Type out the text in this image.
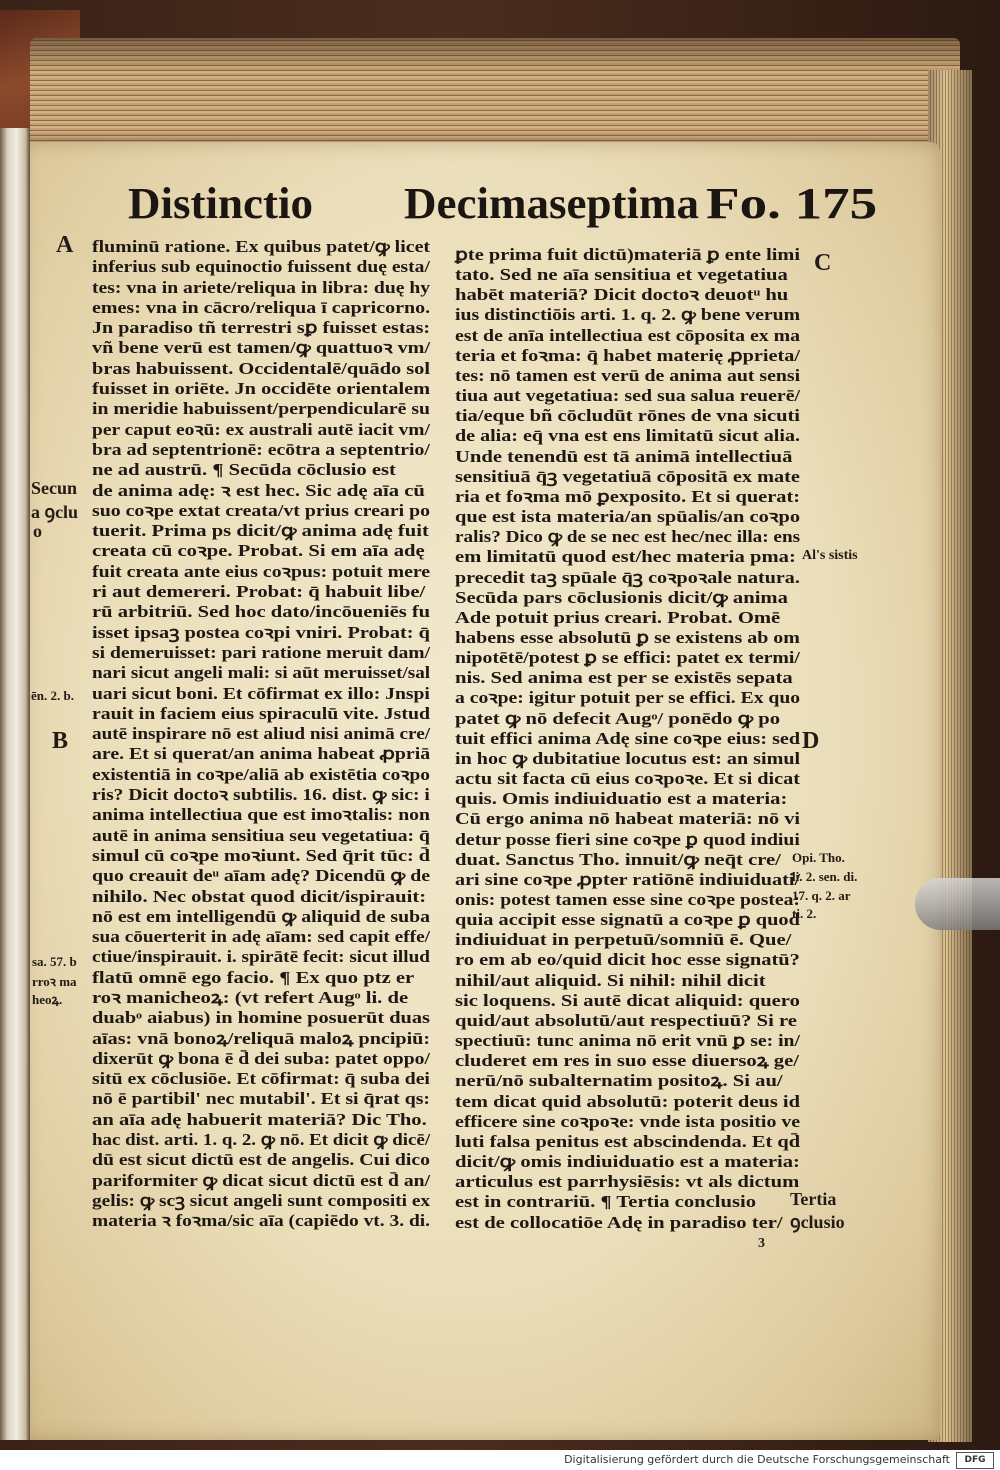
Distinctio Decimaseptima Fo. 175
fluminū ratione. Ex quibus patet/ꝙ licet
inferius sub equinoctio fuissent duę esta/
tes: vna in ariete/reliqua in libra: duę hy
emes: vna in cācro/reliqua ī capricorno.
Jn paradiso tñ terrestri sꝑ fuisset estas:
vñ bene verū est tamen/ꝙ quattuoꝛ vm/
bras habuissent. Occidentalē/quādo sol
fuisset in oriēte. Jn occidēte orientalem
in meridie habuissent/perpendicularē su
per caput eoꝛū: ex australi autē iacit vm/
bra ad septentrionē: ecōtra a septentrio/
ne ad austrū. ¶ Secūda cōclusio est
de anima adę: ꝛ est hec. Sic adę aīa cū
suo coꝛpe extat creata/vt prius creari po
tuerit. Prima ps dicit/ꝙ anima adę fuit
creata cū coꝛpe. Probat. Si em aīa adę
fuit creata ante eius coꝛpus: potuit mere
ri aut demereri. Probat: q̄ habuit libe/
rū arbitriū. Sed hoc dato/incōueniēs fu
isset ipsaꝫ postea coꝛpi vniri. Probat: q̄
si demeruisset: pari ratione meruit dam/
nari sicut angeli mali: si aūt meruisset/sal
uari sicut boni. Et cōfirmat ex illo: Jnspi
rauit in faciem eius spiraculū vite. Jstud
autē inspirare nō est aliud nisi animā cre/
are. Et si querat/an anima habeat ꝓpriā
existentiā in coꝛpe/aliā ab existētia coꝛpo
ris? Dicit doctoꝛ subtilis. 16. dist. ꝙ sic: i
anima intellectiua que est imoꝛtalis: non
autē in anima sensitiua seu vegetatiua: q̄
simul cū coꝛpe moꝛiunt. Sed q̄rit tūc: d̄
quo creauit deᵘ aīam adę? Dicendū ꝙ de
nihilo. Nec obstat quod dicit/ispirauit:
nō est em intelligendū ꝙ aliquid de suba
sua cōuerterit in adę aīam: sed capit effe/
ctiue/inspirauit. i. spirātē fecit: sicut illud
flatū omnē ego facio. ¶ Ex quo ptz er
roꝛ manicheoꝝ: (vt refert Augᵒ li. de
duabᵒ aiabus) in homine posuerūt duas
aīas: vnā bonoꝝ/reliquā maloꝝ pncipiū:
dixerūt ꝙ bona ē d̄ dei suba: patet oppo/
sitū ex cōclusiōe. Et cōfirmat: q̄ suba dei
nō ē partibil' nec mutabil'. Et si q̄rat qs:
an aīa adę habuerit materiā? Dic Tho.
hac dist. arti. 1. q. 2. ꝙ nō. Et dicit ꝙ dicē/
dū est sicut dictū est de angelis. Cui dico
pariformiter ꝙ dicat sicut dictū est d̄ an/
gelis: ꝙ scꝫ sicut angeli sunt compositi ex
materia ꝛ foꝛma/sic aīa (capiēdo vt. 3. di.
ꝑte prima fuit dictū)materiā ꝑ ente limi
tato. Sed ne aīa sensitiua et vegetatiua
habēt materiā? Dicit doctoꝛ deuotᵘ hu
ius distinctiōis arti. 1. q. 2. ꝙ bene verum
est de anīa intellectiua est cōposita ex ma
teria et foꝛma: q̄ habet materię ꝓprieta/
tes: nō tamen est verū de anima aut sensi
tiua aut vegetatiua: sed sua salua reuerē/
tia/eque bñ cōcludūt rōnes de vna sicuti
de alia: eq̄ vna est ens limitatū sicut alia.
Unde tenendū est tā animā intellectiuā
sensitiuā q̄ꝫ vegetatiuā cōpositā ex mate
ria et foꝛma mō ꝑexposito. Et si querat:
que est ista materia/an spūalis/an coꝛpo
ralis? Dico ꝙ de se nec est hec/nec illa: ens
em limitatū quod est/hec materia pma:
precedit taꝫ spūale q̄ꝫ coꝛpoꝛale natura.
Secūda pars cōclusionis dicit/ꝙ anima
Ade potuit prius creari. Probat. Omē
habens esse absolutū ꝑ se existens ab om
nipotētē/potest ꝑ se effici: patet ex termi/
nis. Sed anima est per se existēs sepata
a coꝛpe: igitur potuit per se effici. Ex quo
patet ꝙ nō defecit Augᵒ/ ponēdo ꝙ po
tuit effici anima Adę sine coꝛpe eius: sed
in hoc ꝙ dubitatiue locutus est: an simul
actu sit facta cū eius coꝛpoꝛe. Et si dicat
quis. Omis indiuiduatio est a materia:
Cū ergo anima nō habeat materiā: nō vi
detur posse fieri sine coꝛpe ꝑ quod indiui
duat. Sanctus Tho. innuit/ꝙ neq̄t cre/
ari sine coꝛpe ꝓpter ratiōnē indiuiduati/
onis: potest tamen esse sine coꝛpe postea:
quia accipit esse signatū a coꝛpe ꝑ quod
indiuiduat in perpetuū/somniū ē. Que/
ro em ab eo/quid dicit hoc esse signatū?
nihil/aut aliquid. Si nihil: nihil dicit
sic loquens. Si autē dicat aliquid: quero
quid/aut absolutū/aut respectiuū? Si re
spectiuū: tunc anima nō erit vnū ꝑ se: in/
cluderet em res in suo esse diuersoꝝ ge/
nerū/nō subalternatim positoꝝ. Si au/
tem dicat quid absolutū: poterit deus id
efficere sine coꝛpoꝛe: vnde ista positio ve
luti falsa penitus est abscindenda. Et qd̄
dicit/ꝙ omis indiuiduatio est a materia:
articulus est parrhysiēsis: vt als dictum
est in contrariū. ¶ Tertia conclusio
est de collocatiōe Adę in paradiso ter/
A
Secun
a ꝯclu
o
ēn. 2. b.
B
sa. 57. b
rroꝛ ma
heoꝝ.
C
Al's sistis
D
Opi. Tho.
li. 2. sen. di.
17. q. 2. ar
ti. 2.
Tertia
ꝯclusio
3
Digitalisierung gefördert durch die Deutsche Forschungsgemeinschaft	DFG
